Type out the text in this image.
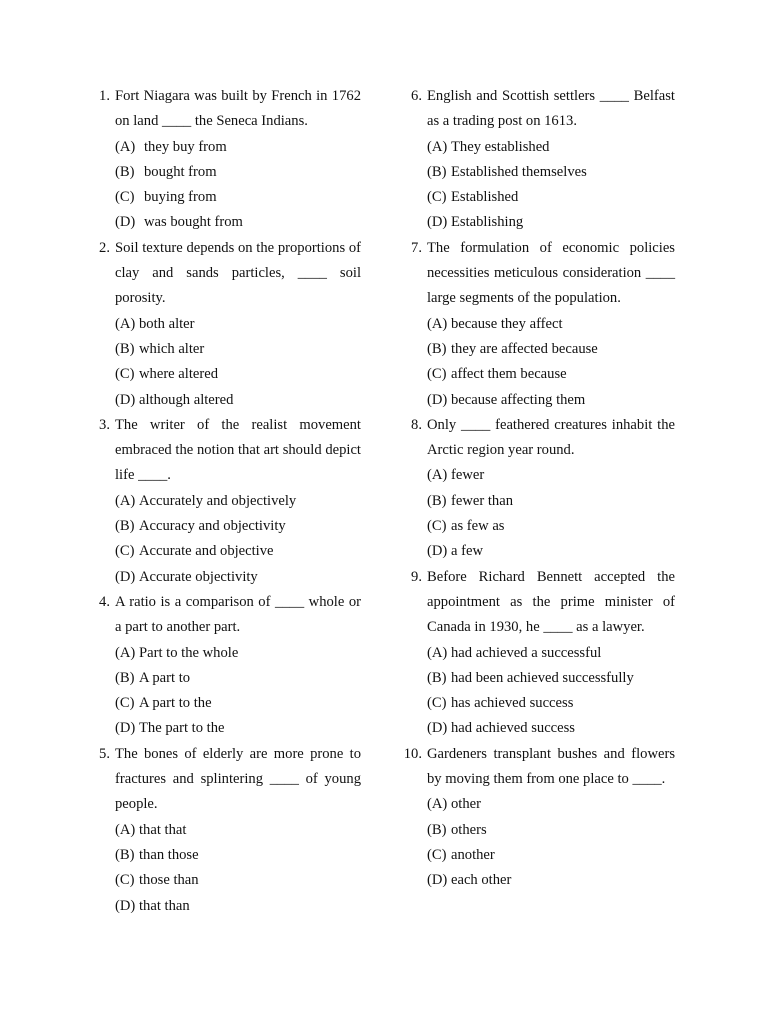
1. Fort Niagara was built by French in 1762 on land ____ the Seneca Indians.
(A) they buy from
(B) bought from
(C) buying from
(D) was bought from
2. Soil texture depends on the proportions of clay and sands particles, ____ soil porosity.
(A) both alter
(B) which alter
(C) where altered
(D) although altered
3. The writer of the realist movement embraced the notion that art should depict life ____.
(A) Accurately and objectively
(B) Accuracy and objectivity
(C) Accurate and objective
(D) Accurate objectivity
4. A ratio is a comparison of ____ whole or a part to another part.
(A) Part to the whole
(B) A part to
(C) A part to the
(D) The part to the
5. The bones of elderly are more prone to fractures and splintering ____ of young people.
(A) that that
(B) than those
(C) those than
(D) that than
6. English and Scottish settlers ____ Belfast as a trading post on 1613.
(A) They established
(B) Established themselves
(C) Established
(D) Establishing
7. The formulation of economic policies necessities meticulous consideration ____ large segments of the population.
(A) because they affect
(B) they are affected because
(C) affect them because
(D) because affecting them
8. Only ____ feathered creatures inhabit the Arctic region year round.
(A) fewer
(B) fewer than
(C) as few as
(D) a few
9. Before Richard Bennett accepted the appointment as the prime minister of Canada in 1930, he ____ as a lawyer.
(A) had achieved a successful
(B) had been achieved successfully
(C) has achieved success
(D) had achieved success
10. Gardeners transplant bushes and flowers by moving them from one place to ____.
(A) other
(B) others
(C) another
(D) each other
